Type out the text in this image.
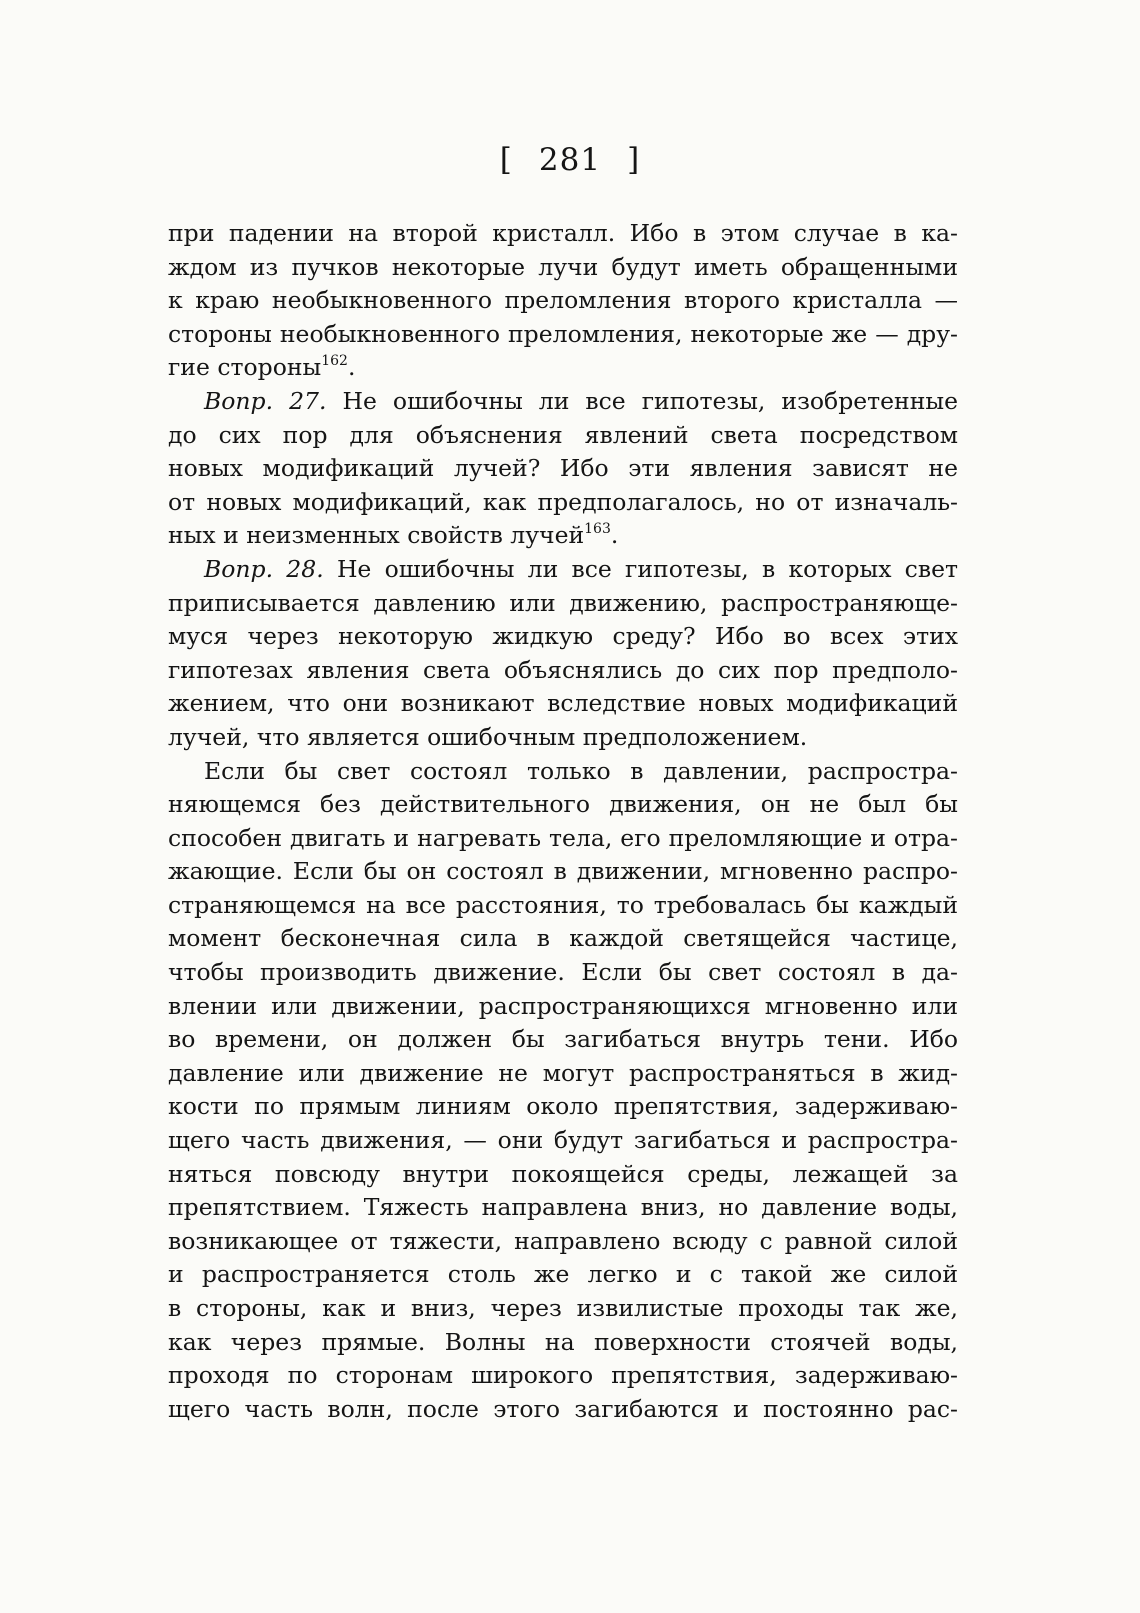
[ 281 ]
при падении на второй кристалл. Ибо в этом случае в ка-
ждом из пучков некоторые лучи будут иметь обращенными
к краю необыкновенного преломления второго кристалла —
стороны необыкновенного преломления, некоторые же — дру-
гие стороны$^{162}$.
Вопр. 27. Не ошибочны ли все гипотезы, изобретенные
до сих пор для объяснения явлений света посредством
новых модификаций лучей? Ибо эти явления зависят не
от новых модификаций, как предполагалось, но от изначаль-
ных и неизменных свойств лучей$^{163}$.
Вопр. 28. Не ошибочны ли все гипотезы, в которых свет
приписывается давлению или движению, распространяюще-
муся через некоторую жидкую среду? Ибо во всех этих
гипотезах явления света объяснялись до сих пор предполо-
жением, что они возникают вследствие новых модификаций
лучей, что является ошибочным предположением.
Если бы свет состоял только в давлении, распростра-
няющемся без действительного движения, он не был бы
способен двигать и нагревать тела, его преломляющие и отра-
жающие. Если бы он состоял в движении, мгновенно распро-
страняющемся на все расстояния, то требовалась бы каждый
момент бесконечная сила в каждой светящейся частице,
чтобы производить движение. Если бы свет состоял в да-
влении или движении, распространяющихся мгновенно или
во времени, он должен бы загибаться внутрь тени. Ибо
давление или движение не могут распространяться в жид-
кости по прямым линиям около препятствия, задерживаю-
щего часть движения, — они будут загибаться и распростра-
няться повсюду внутри покоящейся среды, лежащей за
препятствием. Тяжесть направлена вниз, но давление воды,
возникающее от тяжести, направлено всюду с равной силой
и распространяется столь же легко и с такой же силой
в стороны, как и вниз, через извилистые проходы так же,
как через прямые. Волны на поверхности стоячей воды,
проходя по сторонам широкого препятствия, задерживаю-
щего часть волн, после этого загибаются и постоянно рас-
